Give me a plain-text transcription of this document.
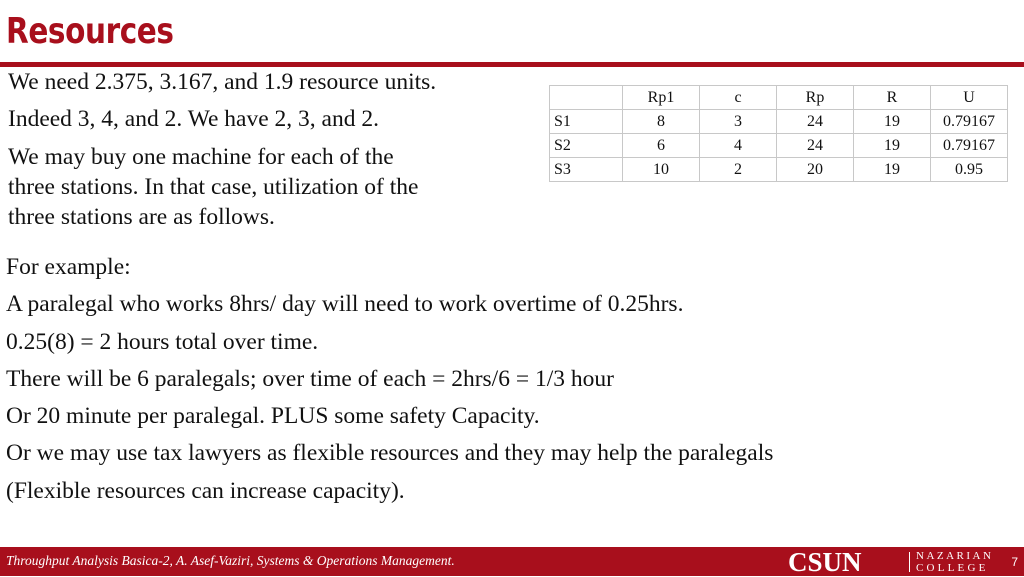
Resources
We need 2.375, 3.167, and 1.9 resource units.
Indeed 3, 4, and 2. We have 2, 3, and 2.
We may buy one machine for each of the
three stations. In that case, utilization of the
three stations are as follows.
	Rp1	c	Rp	R	U
S1	8	3	24	19	0.79167
S2	6	4	24	19	0.79167
S3	10	2	20	19	0.95
For example:
A paralegal who works 8hrs/ day will need to work overtime of 0.25hrs.
0.25(8) = 2 hours total over time.
There will be 6 paralegals; over time of each = 2hrs/6 = 1/3 hour
Or 20 minute per paralegal. PLUS some safety Capacity.
Or we may use tax lawyers as flexible resources and they may help the paralegals
(Flexible resources can increase capacity).
Throughput Analysis Basica-2, A. Asef-Vaziri, Systems & Operations Management.	CSUN	NAZARIAN
COLLEGE	7
